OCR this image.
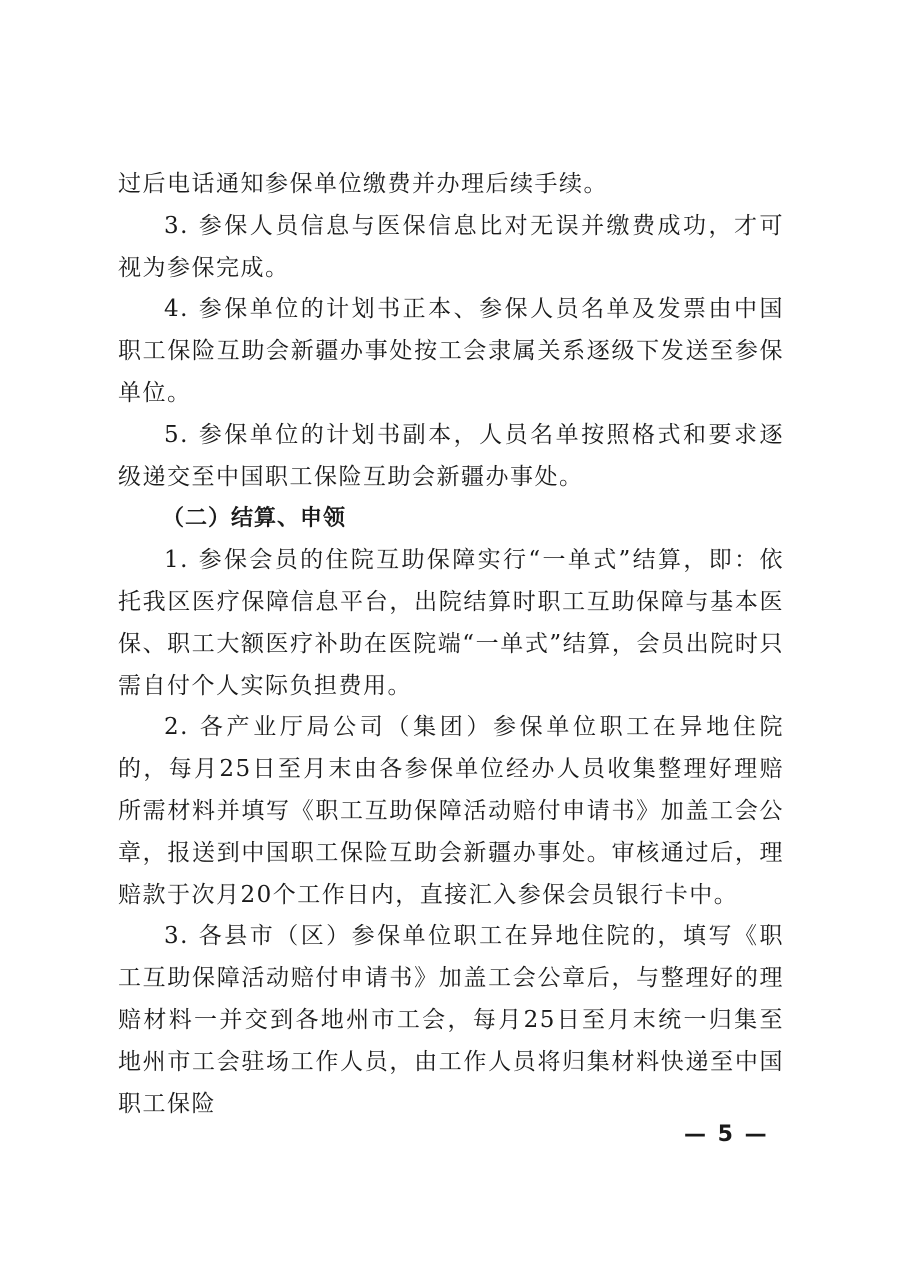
过后电话通知参保单位缴费并办理后续手续。

3. 参保人员信息与医保信息比对无误并缴费成功，才可视为参保完成。

4. 参保单位的计划书正本、参保人员名单及发票由中国职工保险互助会新疆办事处按工会隶属关系逐级下发送至参保单位。

5. 参保单位的计划书副本，人员名单按照格式和要求逐级递交至中国职工保险互助会新疆办事处。

（二）结算、申领

1. 参保会员的住院互助保障实行“一单式”结算，即：依托我区医疗保障信息平台，出院结算时职工互助保障与基本医保、职工大额医疗补助在医院端“一单式”结算，会员出院时只需自付个人实际负担费用。

2. 各产业厅局公司（集团）参保单位职工在异地住院的，每月25日至月末由各参保单位经办人员收集整理好理赔所需材料并填写《职工互助保障活动赔付申请书》加盖工会公章，报送到中国职工保险互助会新疆办事处。审核通过后，理赔款于次月20个工作日内，直接汇入参保会员银行卡中。

3. 各县市（区）参保单位职工在异地住院的，填写《职工互助保障活动赔付申请书》加盖工会公章后，与整理好的理赔材料一并交到各地州市工会，每月25日至月末统一归集至地州市工会驻场工作人员，由工作人员将归集材料快递至中国职工保险

— 5 —
